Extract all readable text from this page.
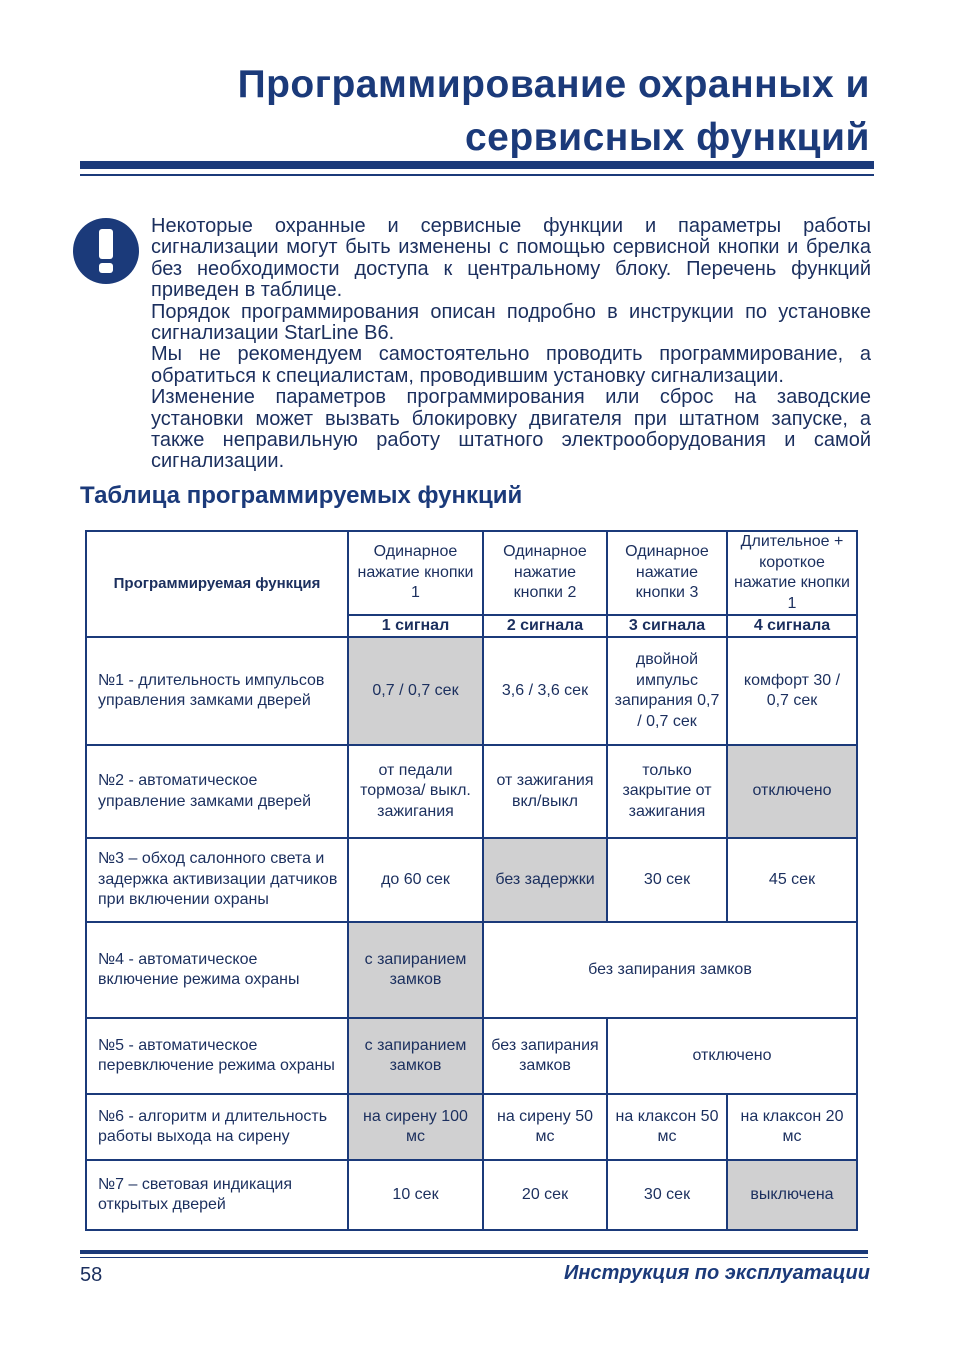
Программирование охранных и
сервисных функций

Некоторые охранные и сервисные функции и параметры работы сигнализации могут быть изменены с помощью сервисной кнопки и брелка без необходимости доступа к центральному блоку. Перечень функций приведен в таблице.

Порядок программирования описан подробно в инструкции по установке сигнализации StarLine B6.

Мы не рекомендуем самостоятельно проводить программирование, а обратиться к специалистам, проводившим установку сигнализации.

Изменение параметров программирования или сброс на заводские установки может вызвать блокировку двигателя при штатном запуске, а также неправильную работу штатного электрооборудования и самой сигнализации.

Таблица программируемых функций
Программируемая функция	Одинарное нажатие кнопки 1	Одинарное нажатие кнопки 2	Одинарное нажатие кнопки 3	Длительное + короткое нажатие кнопки 1
	1 сигнал	2 сигнала	3 сигнала	4 сигнала
№1 - длительность импульсов управления замками дверей	0,7 / 0,7 сек	3,6 / 3,6 сек	двойной импульс запирания 0,7 / 0,7 сек	комфорт 30 / 0,7 сек
№2 - автоматическое управление замками дверей	от педали тормоза/ выкл. зажигания	от зажигания вкл/выкл	только закрытие от зажигания	отключено
№3 – обход салонного света и задержка активизации датчиков при включении охраны	до 60 сек	без задержки	30 сек	45 сек
№4 - автоматическое включение режима охраны	с запиранием замков	без запирания замков		
№5 - автоматическое перевключение режима охраны	с запиранием замков	без запирания замков	отключено	
№6 - алгоритм и длительность работы выхода на сирену	на сирену 100 мс	на сирену 50 мс	на клаксон 50 мс	на клаксон 20 мс
№7 – световая индикация открытых дверей	10 сек	20 сек	30 сек	выключена
58	Инструкция по эксплуатации
